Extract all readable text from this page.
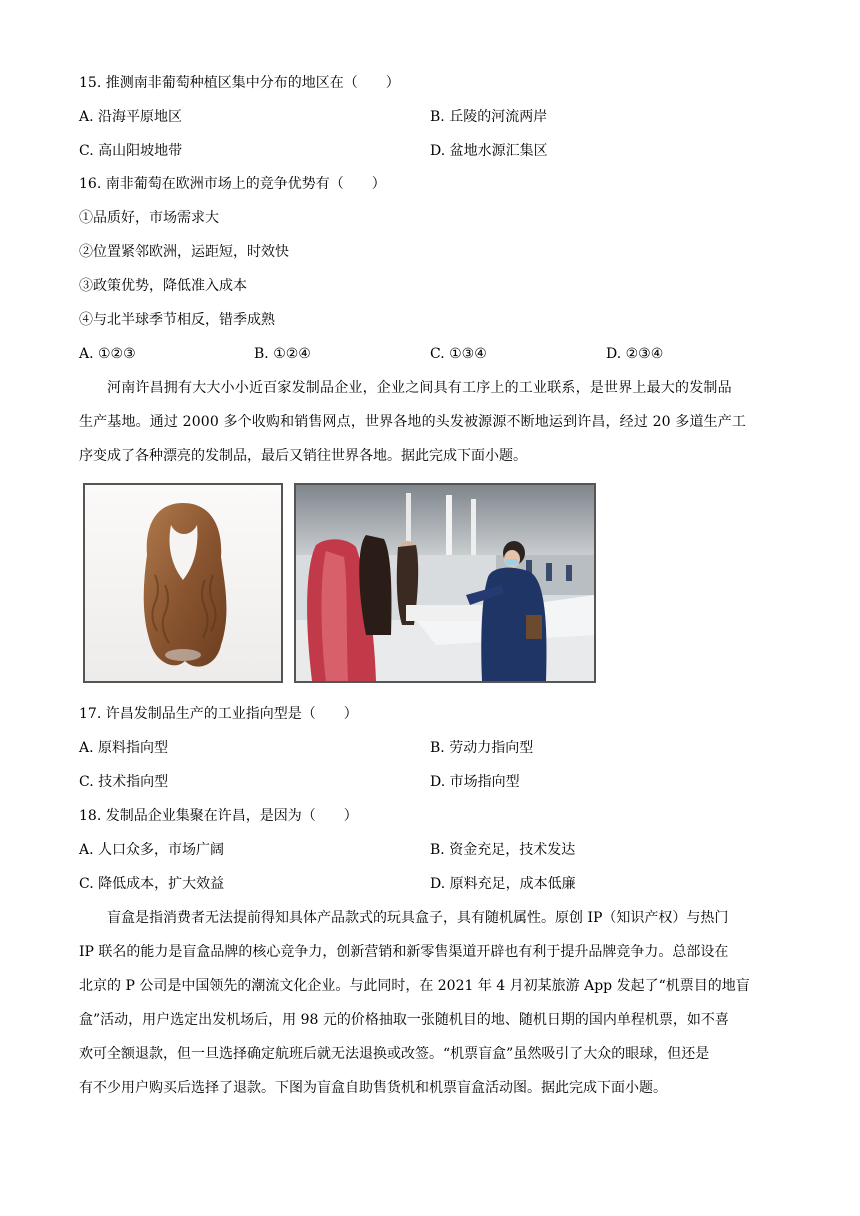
15. 推测南非葡萄种植区集中分布的地区在（　　）
A. 沿海平原地区	B. 丘陵的河流两岸
C. 高山阳坡地带	D. 盆地水源汇集区
16. 南非葡萄在欧洲市场上的竞争优势有（　　）
①品质好，市场需求大
②位置紧邻欧洲，运距短，时效快
③政策优势，降低准入成本
④与北半球季节相反，错季成熟
A. ①②③	B. ①②④	C. ①③④	D. ②③④
河南许昌拥有大大小小近百家发制品企业，企业之间具有工序上的工业联系，是世界上最大的发制品
生产基地。通过 2000 多个收购和销售网点，世界各地的头发被源源不断地运到许昌，经过 20 多道生产工
序变成了各种漂亮的发制品，最后又销往世界各地。据此完成下面小题。
17. 许昌发制品生产的工业指向型是（　　）
A. 原料指向型	B. 劳动力指向型
C. 技术指向型	D. 市场指向型
18. 发制品企业集聚在许昌，是因为（　　）
A. 人口众多，市场广阔	B. 资金充足，技术发达
C. 降低成本，扩大效益	D. 原料充足，成本低廉
盲盒是指消费者无法提前得知具体产品款式的玩具盒子，具有随机属性。原创 IP（知识产权）与热门
IP 联名的能力是盲盒品牌的核心竞争力，创新营销和新零售渠道开辟也有利于提升品牌竞争力。总部设在
北京的 P 公司是中国领先的潮流文化企业。与此同时，在 2021 年 4 月初某旅游 App 发起了“机票目的地盲
盒”活动，用户选定出发机场后，用 98 元的价格抽取一张随机目的地、随机日期的国内单程机票，如不喜
欢可全额退款，但一旦选择确定航班后就无法退换或改签。“机票盲盒”虽然吸引了大众的眼球，但还是
有不少用户购买后选择了退款。下图为盲盒自助售货机和机票盲盒活动图。据此完成下面小题。
